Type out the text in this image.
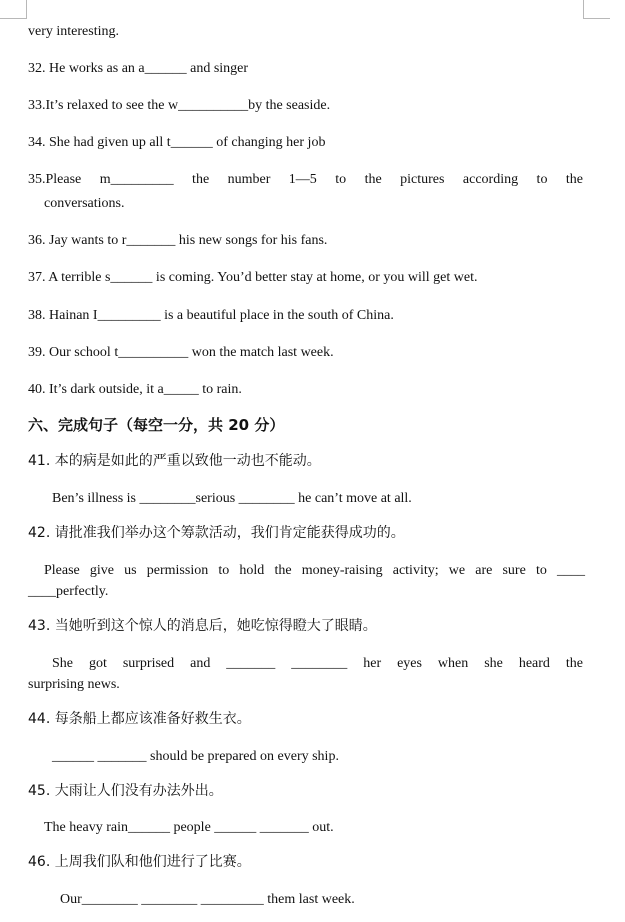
very interesting.
32. He works as an a______ and singer
33.It’s relaxed to see the w__________by the seaside.
34. She had given up all t______ of changing her job
35.Please m_________ the number 1—5 to the pictures according to the
conversations.
36. Jay wants to r_______ his new songs for his fans.
37. A terrible s______ is coming. You’d better stay at home, or you will get wet.
38. Hainan I_________ is a beautiful place in the south of China.
39. Our school t__________ won the match last week.
40. It’s dark outside, it a_____ to rain.
六、完成句子（每空一分，共 20 分）
41. 本的病是如此的严重以致他一动也不能动。
Ben’s illness is ________serious ________ he can’t move at all.
42. 请批准我们举办这个筹款活动，我们肯定能获得成功的。
Please give us permission to hold the money-raising activity; we are sure to ____
____perfectly.
43. 当她听到这个惊人的消息后，她吃惊得瞪大了眼睛。
She got surprised and _______ ________ her eyes when she heard the
surprising news.
44. 每条船上都应该准备好救生衣。
______ _______ should be prepared on every ship.
45. 大雨让人们没有办法外出。
The heavy rain______ people ______ _______ out.
46. 上周我们队和他们进行了比赛。
Our________ ________ _________ them last week.
